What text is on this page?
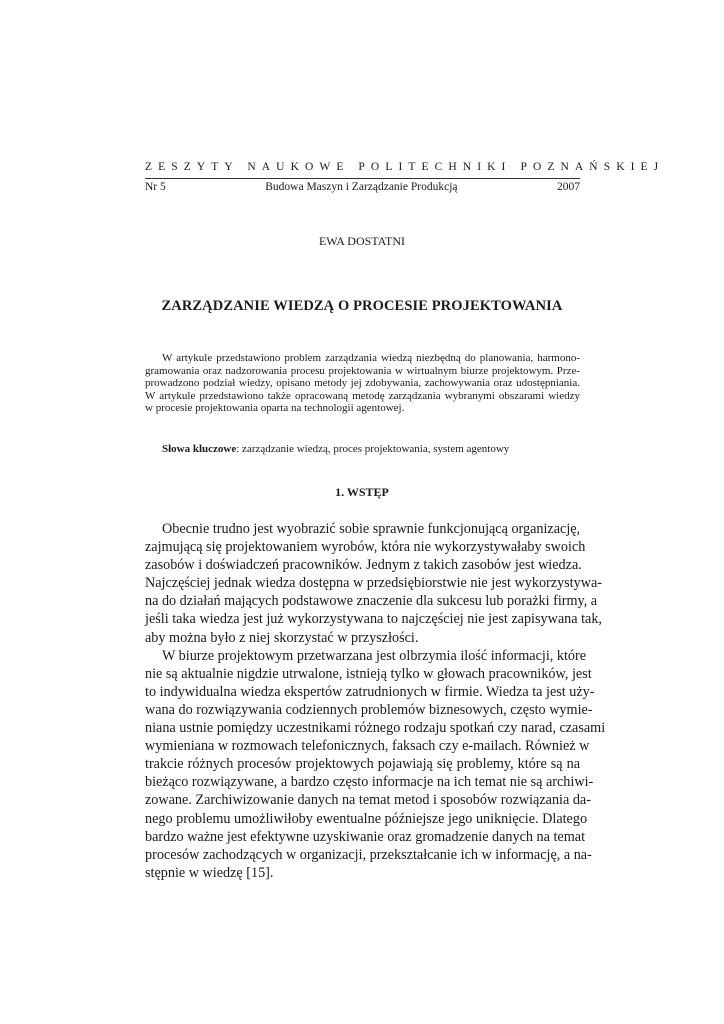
ZESZYTY NAUKOWE POLITECHNIKI POZNAŃSKIEJ
Nr 5	Budowa Maszyn i Zarządzanie Produkcją	2007
EWA DOSTATNI
ZARZĄDZANIE WIEDZĄ O PROCESIE PROJEKTOWANIA
W artykule przedstawiono problem zarządzania wiedzą niezbędną do planowania, harmono-
gramowania oraz nadzorowania procesu projektowania w wirtualnym biurze projektowym. Prze-
prowadzono podział wiedzy, opisano metody jej zdobywania, zachowywania oraz udostępniania.
W artykule przedstawiono także opracowaną metodę zarządzania wybranymi obszarami wiedzy
w procesie projektowania oparta na technologii agentowej.
Słowa kluczowe: zarządzanie wiedzą, proces projektowania, system agentowy
1. WSTĘP
Obecnie trudno jest wyobrazić sobie sprawnie funkcjonującą organizację,
zajmującą się projektowaniem wyrobów, która nie wykorzystywałaby swoich
zasobów i doświadczeń pracowników. Jednym z takich zasobów jest wiedza.
Najczęściej jednak wiedza dostępna w przedsiębiorstwie nie jest wykorzystywa-
na do działań mających podstawowe znaczenie dla sukcesu lub porażki firmy, a
jeśli taka wiedza jest już wykorzystywana to najczęściej nie jest zapisywana tak,
aby można było z niej skorzystać w przyszłości.
W biurze projektowym przetwarzana jest olbrzymia ilość informacji, które
nie są aktualnie nigdzie utrwalone, istnieją tylko w głowach pracowników, jest
to indywidualna wiedza ekspertów zatrudnionych w firmie. Wiedza ta jest uży-
wana do rozwiązywania codziennych problemów biznesowych, często wymie-
niana ustnie pomiędzy uczestnikami różnego rodzaju spotkań czy narad, czasami
wymieniana w rozmowach telefonicznych, faksach czy e-mailach. Również w
trakcie różnych procesów projektowych pojawiają się problemy, które są na
bieżąco rozwiązywane, a bardzo często informacje na ich temat nie są archiwi-
zowane. Zarchiwizowanie danych na temat metod i sposobów rozwiązania da-
nego problemu umożliwiłoby ewentualne późniejsze jego uniknięcie. Dlatego
bardzo ważne jest efektywne uzyskiwanie oraz gromadzenie danych na temat
procesów zachodzących w organizacji, przekształcanie ich w informację, a na-
stępnie w wiedzę [15].
